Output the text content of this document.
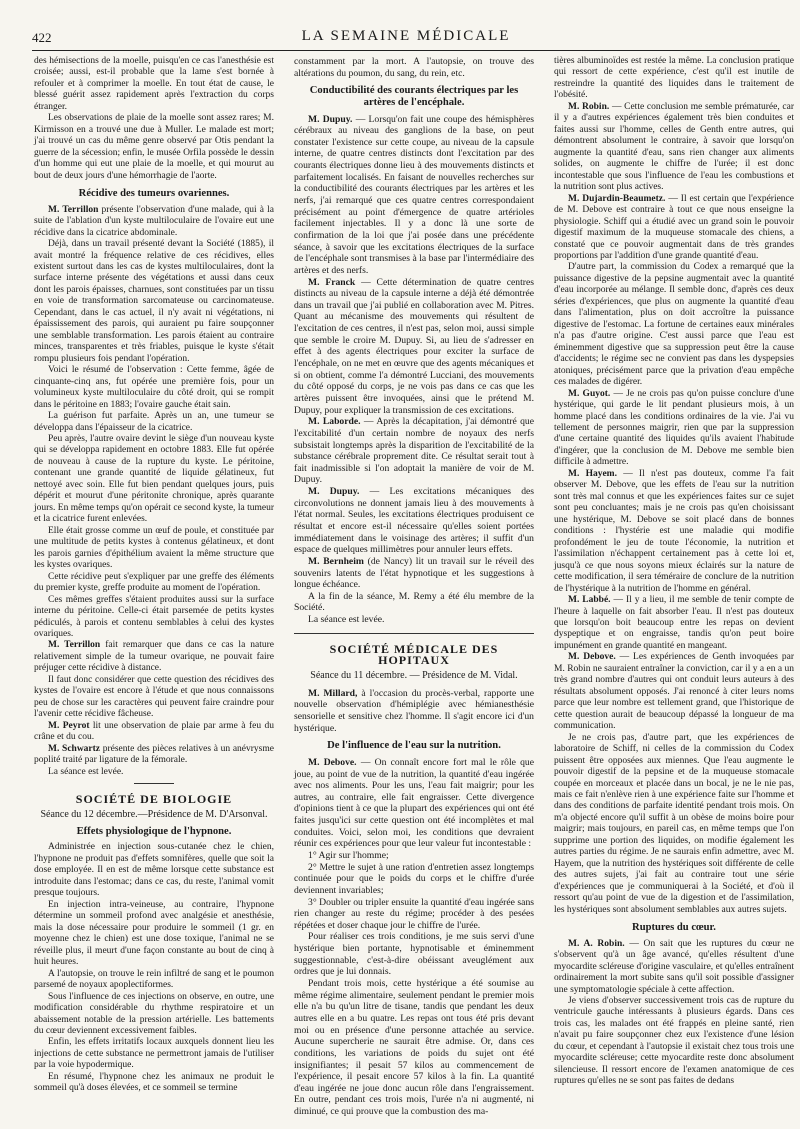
422	LA SEMAINE MÉDICALE

des hémisections de la moelle, puisqu'en ce cas l'anesthésie est croisée; aussi, est-il probable que la lame s'est bornée à refouler et à comprimer la moelle. En tout état de cause, le blessé guérit assez rapidement après l'extraction du corps étranger.

Les observations de plaie de la moelle sont assez rares; M. Kirmisson en a trouvé une due à Muller. Le malade est mort; j'ai trouvé un cas du même genre observé par Otis pendant la guerre de la sécession; enfin, le musée Orfila possède le dessin d'un homme qui eut une plaie de la moelle, et qui mourut au bout de deux jours d'une hémorrhagie de l'aorte.

Récidive des tumeurs ovariennes.

M. Terrillon présente l'observation d'une malade, qui à la suite de l'ablation d'un kyste multiloculaire de l'ovaire eut une récidive dans la cicatrice abdominale.

Déjà, dans un travail présenté devant la Société (1885), il avait montré la fréquence relative de ces récidives, elles existent surtout dans les cas de kystes multiloculaires, dont la surface interne présente des végétations et aussi dans ceux dont les parois épaisses, charnues, sont constituées par un tissu en voie de transformation sarcomateuse ou carcinomateuse. Cependant, dans le cas actuel, il n'y avait ni végétations, ni épaississement des parois, qui auraient pu faire soupçonner une semblable transformation. Les parois étaient au contraire minces, transparentes et très friables, puisque le kyste s'était rompu plusieurs fois pendant l'opération.

Voici le résumé de l'observation : Cette femme, âgée de cinquante-cinq ans, fut opérée une première fois, pour un volumineux kyste multiloculaire du côté droit, qui se rompit dans le péritoine en 1883; l'ovaire gauche était sain.

La guérison fut parfaite. Après un an, une tumeur se développa dans l'épaisseur de la cicatrice.

Peu après, l'autre ovaire devint le siège d'un nouveau kyste qui se développa rapidement en octobre 1883. Elle fut opérée de nouveau à cause de la rupture du kyste. Le péritoine, contenant une grande quantité de liquide gélatineux, fut nettoyé avec soin. Elle fut bien pendant quelques jours, puis dépérit et mourut d'une péritonite chronique, après quarante jours. En même temps qu'on opérait ce second kyste, la tumeur et la cicatrice furent enlevées.

Elle était grosse comme un œuf de poule, et constituée par une multitude de petits kystes à contenus gélatineux, et dont les parois garnies d'épithélium avaient la même structure que les kystes ovariques.

Cette récidive peut s'expliquer par une greffe des éléments du premier kyste, greffe produite au moment de l'opération.

Ces mêmes greffes s'étaient produites aussi sur la surface interne du péritoine. Celle-ci était parsemée de petits kystes pédiculés, à parois et contenu semblables à celui des kystes ovariques.

M. Terrillon fait remarquer que dans ce cas la nature relativement simple de la tumeur ovarique, ne pouvait faire préjuger cette récidive à distance.

Il faut donc considérer que cette question des récidives des kystes de l'ovaire est encore à l'étude et que nous connaissons peu de chose sur les caractères qui peuvent faire craindre pour l'avenir cette récidive fâcheuse.

M. Peyrot lit une observation de plaie par arme à feu du crâne et du cou.

M. Schwartz présente des pièces relatives à un anévrysme poplité traité par ligature de la fémorale.

La séance est levée.

SOCIÉTÉ DE BIOLOGIE
Séance du 12 décembre.—Présidence de M. D'Arsonval.
Effets physiologique de l'hypnone.

Administrée en injection sous-cutanée chez le chien, l'hypnone ne produit pas d'effets somnifères, quelle que soit la dose employée. Il en est de même lorsque cette substance est introduite dans l'estomac; dans ce cas, du reste, l'animal vomit presque toujours.

En injection intra-veineuse, au contraire, l'hypnone détermine un sommeil profond avec analgésie et anesthésie, mais la dose nécessaire pour produire le sommeil (1 gr. en moyenne chez le chien) est une dose toxique, l'animal ne se réveille plus, il meurt d'une façon constante au bout de cinq à huit heures.

A l'autopsie, on trouve le rein infiltré de sang et le poumon parsemé de noyaux apoplectiformes.

Sous l'influence de ces injections on observe, en outre, une modification considérable du rhythme respiratoire et un abaissement notable de la pression artérielle. Les battements du cœur deviennent excessivement faibles.

Enfin, les effets irritatifs locaux auxquels donnent lieu les injections de cette substance ne permettront jamais de l'utiliser par la voie hypodermique.

En résumé, l'hypnone chez les animaux ne produit le sommeil qu'à doses élevées, et ce sommeil se termine

constamment par la mort. A l'autopsie, on trouve des altérations du poumon, du sang, du rein, etc.

Conductibilité des courants électriques par les artères de l'encéphale.

M. Dupuy. — Lorsqu'on fait une coupe des hémisphères cérébraux au niveau des ganglions de la base, on peut constater l'existence sur cette coupe, au niveau de la capsule interne, de quatre centres distincts dont l'excitation par des courants électriques donne lieu à des mouvements distincts et parfaitement localisés. En faisant de nouvelles recherches sur la conductibilité des courants électriques par les artères et les nerfs, j'ai remarqué que ces quatre centres correspondaient précisément au point d'émergence de quatre artérioles facilement injectables. Il y a donc là une sorte de confirmation de la loi que j'ai posée dans une précédente séance, à savoir que les excitations électriques de la surface de l'encéphale sont transmises à la base par l'intermédiaire des artères et des nerfs.

M. Franck — Cette détermination de quatre centres distincts au niveau de la capsule interne a déjà été démontrée dans un travail que j'ai publié en collaboration avec M. Pitres. Quant au mécanisme des mouvements qui résultent de l'excitation de ces centres, il n'est pas, selon moi, aussi simple que semble le croire M. Dupuy. Si, au lieu de s'adresser en effet à des agents électriques pour exciter la surface de l'encéphale, on ne met en œuvre que des agents mécaniques et si on obtient, comme l'a démontré Lucciani, des mouvements du côté opposé du corps, je ne vois pas dans ce cas que les artères puissent être invoquées, ainsi que le prétend M. Dupuy, pour expliquer la transmission de ces excitations.

M. Laborde. — Après la décapitation, j'ai démontré que l'excitabilité d'un certain nombre de noyaux des nerfs subsistait longtemps après la disparition de l'excitabilité de la substance cérébrale proprement dite. Ce résultat serait tout à fait inadmissible si l'on adoptait la manière de voir de M. Dupuy.

M. Dupuy. — Les excitations mécaniques des circonvolutions ne donnent jamais lieu à des mouvements à l'état normal. Seules, les excitations électriques produisent ce résultat et encore est-il nécessaire qu'elles soient portées immédiatement dans le voisinage des artères; il suffit d'un espace de quelques millimètres pour annuler leurs effets.

M. Bernheim (de Nancy) lit un travail sur le réveil des souvenirs latents de l'état hypnotique et les suggestions à longue échéance.

A la fin de la séance, M. Remy a été élu membre de la Société.

La séance est levée.

SOCIÉTÉ MÉDICALE DES HOPITAUX
Séance du 11 décembre. — Présidence de M. Vidal.

M. Millard, à l'occasion du procès-verbal, rapporte une nouvelle observation d'hémiplégie avec hémianesthésie sensorielle et sensitive chez l'homme. Il s'agit encore ici d'un hystérique.

De l'influence de l'eau sur la nutrition.

M. Debove. — On connaît encore fort mal le rôle que joue, au point de vue de la nutrition, la quantité d'eau ingérée avec nos aliments. Pour les uns, l'eau fait maigrir; pour les autres, au contraire, elle fait engraisser. Cette divergence d'opinions tient à ce que la plupart des expériences qui ont été faites jusqu'ici sur cette question ont été incomplètes et mal conduites. Voici, selon moi, les conditions que devraient réunir ces expériences pour que leur valeur fut incontestable :

1° Agir sur l'homme;

2° Mettre le sujet à une ration d'entretien assez longtemps continuée pour que le poids du corps et le chiffre d'urée deviennent invariables;

3° Doubler ou tripler ensuite la quantité d'eau ingérée sans rien changer au reste du régime; procéder à des pesées répétées et doser chaque jour le chiffre de l'urée.

Pour réaliser ces trois conditions, je me suis servi d'une hystérique bien portante, hypnotisable et éminemment suggestionnable, c'est-à-dire obéissant aveuglément aux ordres que je lui donnais.

Pendant trois mois, cette hystérique a été soumise au même régime alimentaire, seulement pendant le premier mois elle n'a bu qu'un litre de tisane, tandis que pendant les deux autres elle en a bu quatre. Les repas ont tous été pris devant moi ou en présence d'une personne attachée au service. Aucune supercherie ne saurait être admise. Or, dans ces conditions, les variations de poids du sujet ont été insignifiantes; il pesait 57 kilos au commencement de l'expérience, il pesait encore 57 kilos à la fin. La quantité d'eau ingérée ne joue donc aucun rôle dans l'engraissement. En outre, pendant ces trois mois, l'urée n'a ni augmenté, ni diminué, ce qui prouve que la combustion des ma-

tières albuminoïdes est restée la même. La conclusion pratique qui ressort de cette expérience, c'est qu'il est inutile de restreindre la quantité des liquides dans le traitement de l'obésité.

M. Robin. — Cette conclusion me semble prématurée, car il y a d'autres expériences également très bien conduites et faites aussi sur l'homme, celles de Genth entre autres, qui démontrent absolument le contraire, à savoir que lorsqu'on augmente la quantité d'eau, sans rien changer aux aliments solides, on augmente le chiffre de l'urée; il est donc incontestable que sous l'influence de l'eau les combustions et la nutrition sont plus actives.

M. Dujardin-Beaumetz. — Il est certain que l'expérience de M. Debove est contraire à tout ce que nous enseigne la physiologie. Schiff qui a étudié avec un grand soin le pouvoir digestif maximum de la muqueuse stomacale des chiens, a constaté que ce pouvoir augmentait dans de très grandes proportions par l'addition d'une grande quantité d'eau.

D'autre part, la commission du Codex a remarqué que la puissance digestive de la pepsine augmentait avec la quantité d'eau incorporée au mélange. Il semble donc, d'après ces deux séries d'expériences, que plus on augmente la quantité d'eau dans l'alimentation, plus on doit accroître la puissance digestive de l'estomac. La fortune de certaines eaux minérales n'a pas d'autre origine. C'est aussi parce que l'eau est éminemment digestive que sa suppression peut être la cause d'accidents; le régime sec ne convient pas dans les dyspepsies atoniques, précisément parce que la privation d'eau empêche ces malades de digérer.

M. Guyot. — Je ne crois pas qu'on puisse conclure d'une hystérique, qui garde le lit pendant plusieurs mois, à un homme placé dans les conditions ordinaires de la vie. J'ai vu tellement de personnes maigrir, rien que par la suppression d'une certaine quantité des liquides qu'ils avaient l'habitude d'ingérer, que la conclusion de M. Debove me semble bien difficile à admettre.

M. Hayem. — Il n'est pas douteux, comme l'a fait observer M. Debove, que les effets de l'eau sur la nutrition sont très mal connus et que les expériences faites sur ce sujet sont peu concluantes; mais je ne crois pas qu'en choisissant une hystérique, M. Debove se soit placé dans de bonnes conditions : l'hystérie est une maladie qui modifie profondément le jeu de toute l'économie, la nutrition et l'assimilation n'échappent certainement pas à cette loi et, jusqu'à ce que nous soyons mieux éclairés sur la nature de cette modification, il sera téméraire de conclure de la nutrition de l'hystérique à la nutrition de l'homme en général.

M. Labbé. — Il y a lieu, il me semble de tenir compte de l'heure à laquelle on fait absorber l'eau. Il n'est pas douteux que lorsqu'on boit beaucoup entre les repas on devient dyspeptique et on engraisse, tandis qu'on peut boire impunément en grande quantité en mangeant.

M. Debove. — Les expériences de Genth invoquées par M. Robin ne sauraient entraîner la conviction, car il y a en a un très grand nombre d'autres qui ont conduit leurs auteurs à des résultats absolument opposés. J'ai renoncé à citer leurs noms parce que leur nombre est tellement grand, que l'historique de cette question aurait de beaucoup dépassé la longueur de ma communication.

Je ne crois pas, d'autre part, que les expériences de laboratoire de Schiff, ni celles de la commission du Codex puissent être opposées aux miennes. Que l'eau augmente le pouvoir digestif de la pepsine et de la muqueuse stomacale coupée en morceaux et placée dans un bocal, je ne le nie pas, mais ce fait n'enlève rien à une expérience faite sur l'homme et dans des conditions de parfaite identité pendant trois mois. On m'a objecté encore qu'il suffit à un obèse de moins boire pour maigrir; mais toujours, en pareil cas, en même temps que l'on supprime une portion des liquides, on modifie également les autres parties du régime. Je ne saurais enfin admettre, avec M. Hayem, que la nutrition des hystériques soit différente de celle des autres sujets, j'ai fait au contraire tout une série d'expériences que je communiquerai à la Société, et d'où il ressort qu'au point de vue de la digestion et de l'assimilation, les hystériques sont absolument semblables aux autres sujets.

Ruptures du cœur.

M. A. Robin. — On sait que les ruptures du cœur ne s'observent qu'à un âge avancé, qu'elles résultent d'une myocardite scléreuse d'origine vasculaire, et qu'elles entraînent ordinairement la mort subite sans qu'il soit possible d'assigner une symptomatologie spéciale à cette affection.

Je viens d'observer successivement trois cas de rupture du ventricule gauche intéressants à plusieurs égards. Dans ces trois cas, les malades ont été frappés en pleine santé, rien n'avait pu faire soupçonner chez eux l'existence d'une lésion du cœur, et cependant à l'autopsie il existait chez tous trois une myocardite scléreuse; cette myocardite reste donc absolument silencieuse. Il ressort encore de l'examen anatomique de ces ruptures qu'elles ne se sont pas faites de dedans
